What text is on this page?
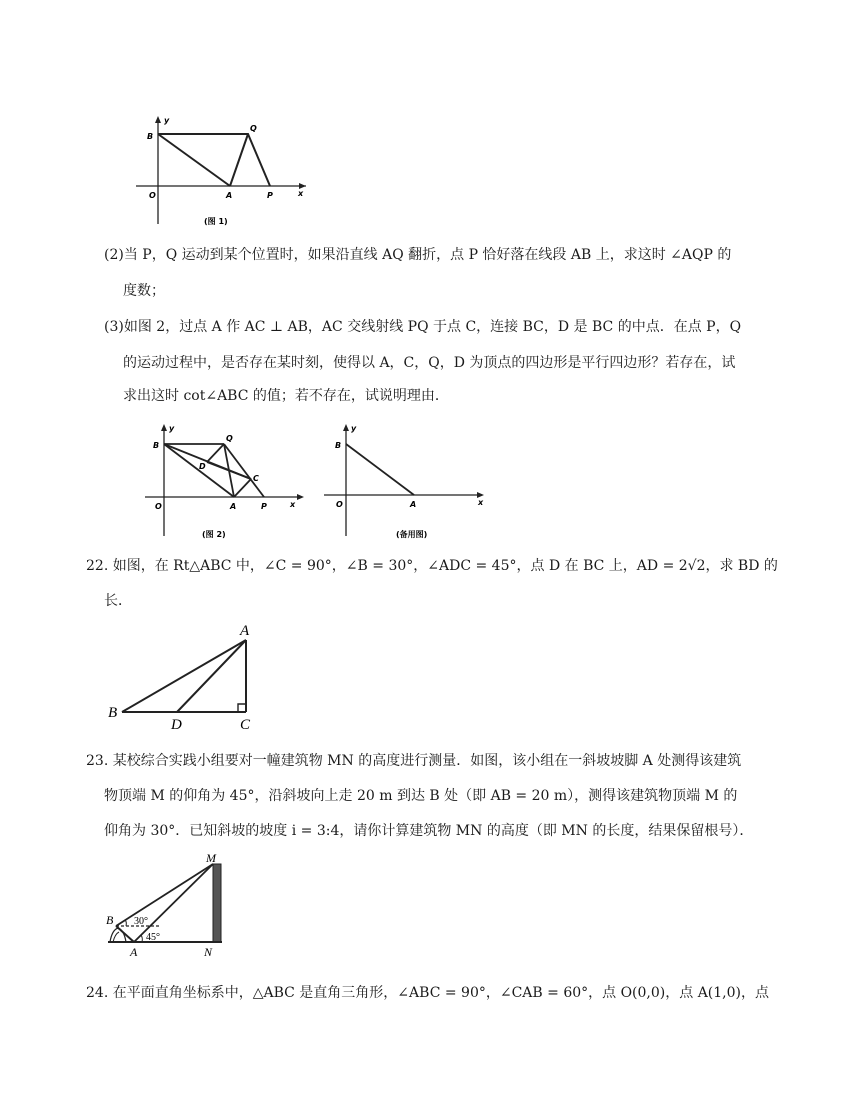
y
x
B
Q
O	A	P
(图 1)
(2)当 P，Q 运动到某个位置时，如果沿直线 AQ 翻折，点 P 恰好落在线段 AB 上，求这时 ∠AQP 的
度数；
(3)如图 2，过点 A 作 AC ⊥ AB，AC 交线射线 PQ 于点 C，连接 BC，D 是 BC 的中点．在点 P，Q
的运动过程中，是否存在某时刻，使得以 A，C，Q，D 为顶点的四边形是平行四边形？若存在，试
求出这时 cot∠ABC 的值；若不存在，试说明理由．
y
x
B
Q
D
C
O	A	P
(图 2)
y
x
B
O	A
(备用图)
22. 如图，在 Rt△ABC 中，∠C = 90°，∠B = 30°，∠ADC = 45°，点 D 在 BC 上，AD = 2√2，求 BD 的
长．
A
B
D	C
23. 某校综合实践小组要对一幢建筑物 MN 的高度进行测量．如图，该小组在一斜坡坡脚 A 处测得该建筑
物顶端 M 的仰角为 45°，沿斜坡向上走 20 m 到达 B 处（即 AB = 20 m），测得该建筑物顶端 M 的
仰角为 30°．已知斜坡的坡度 i = 3:4，请你计算建筑物 MN 的高度（即 MN 的长度，结果保留根号）．
M
B
A	N
30°
45°
24. 在平面直角坐标系中，△ABC 是直角三角形，∠ABC = 90°，∠CAB = 60°，点 O(0,0)，点 A(1,0)，点
